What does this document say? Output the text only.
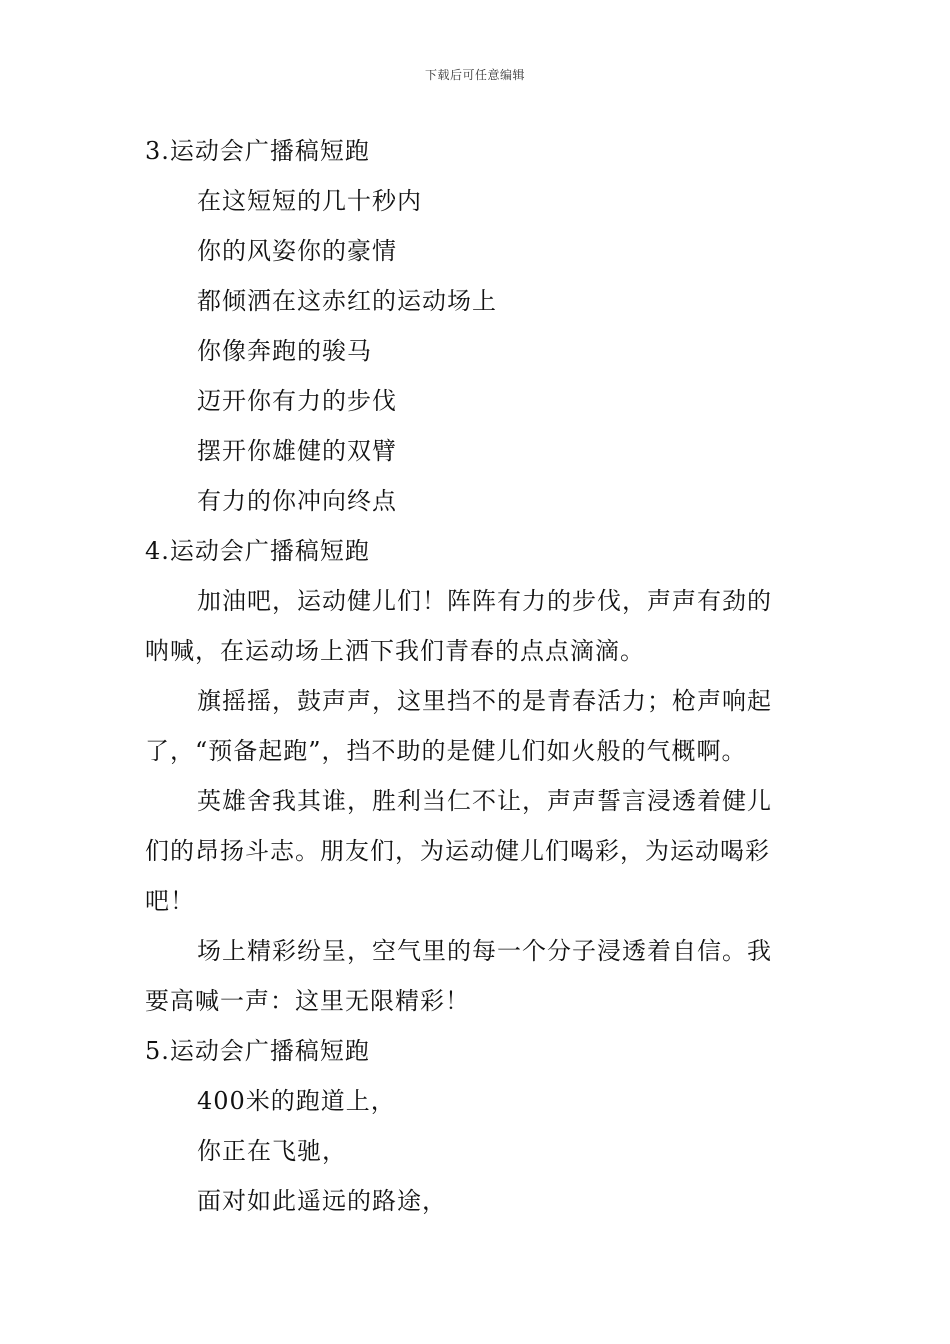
下载后可任意编辑
3.运动会广播稿短跑
在这短短的几十秒内
你的风姿你的豪情
都倾洒在这赤红的运动场上
你像奔跑的骏马
迈开你有力的步伐
摆开你雄健的双臂
有力的你冲向终点
4.运动会广播稿短跑
加油吧，运动健儿们！阵阵有力的步伐，声声有劲的
呐喊，在运动场上洒下我们青春的点点滴滴。
旗摇摇，鼓声声，这里挡不的是青春活力；枪声响起
了，“预备起跑”，挡不助的是健儿们如火般的气概啊。
英雄舍我其谁，胜利当仁不让，声声誓言浸透着健儿
们的昂扬斗志。朋友们，为运动健儿们喝彩，为运动喝彩
吧！
场上精彩纷呈，空气里的每一个分子浸透着自信。我
要高喊一声：这里无限精彩！
5.运动会广播稿短跑
400米的跑道上，
你正在飞驰，
面对如此遥远的路途，
